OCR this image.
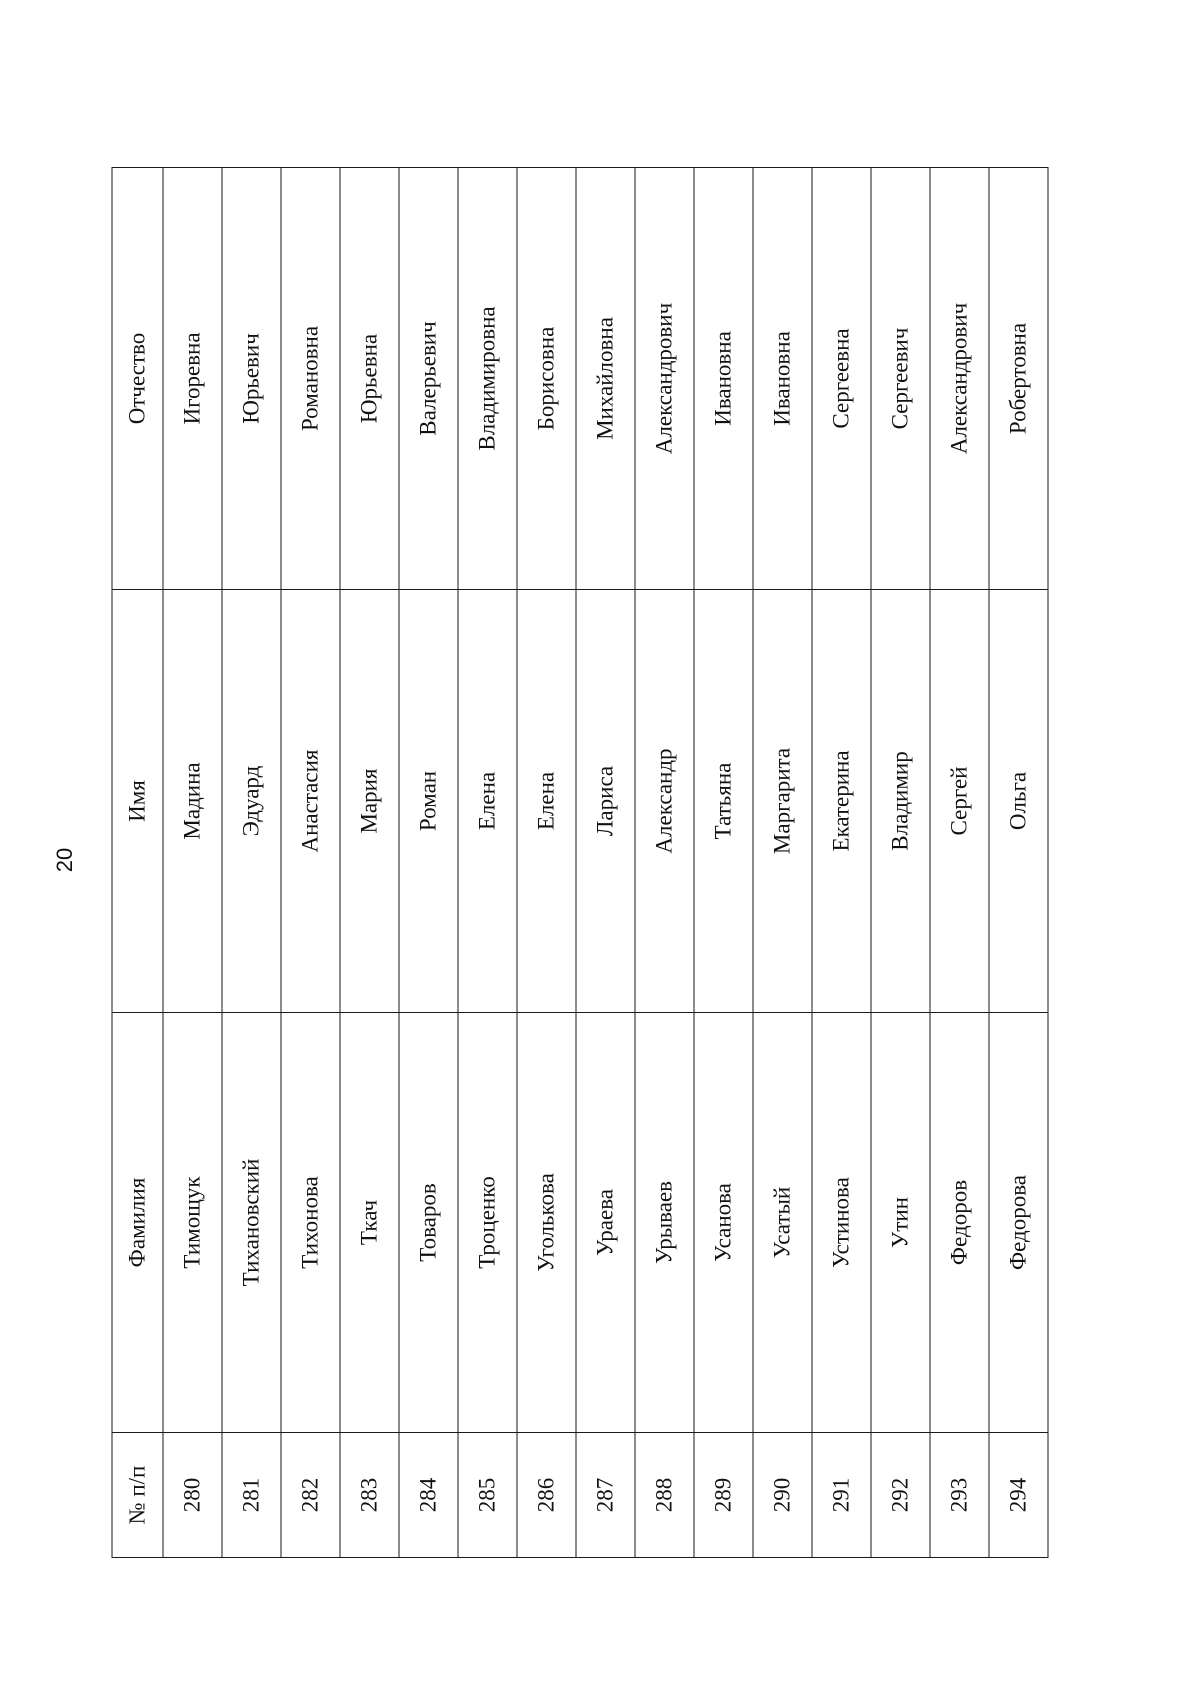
20
№ п/п	Фамилия	Имя	Отчество
280	Тимощук	Мадина	Игоревна
281	Тихановский	Эдуард	Юрьевич
282	Тихонова	Анастасия	Романовна
283	Ткач	Мария	Юрьевна
284	Товаров	Роман	Валерьевич
285	Троценко	Елена	Владимировна
286	Уголькова	Елена	Борисовна
287	Ураева	Лариса	Михайловна
288	Урываев	Александр	Александрович
289	Усанова	Татьяна	Ивановна
290	Усатый	Маргарита	Ивановна
291	Устинова	Екатерина	Сергеевна
292	Утин	Владимир	Сергеевич
293	Федоров	Сергей	Александрович
294	Федорова	Ольга	Робертовна
